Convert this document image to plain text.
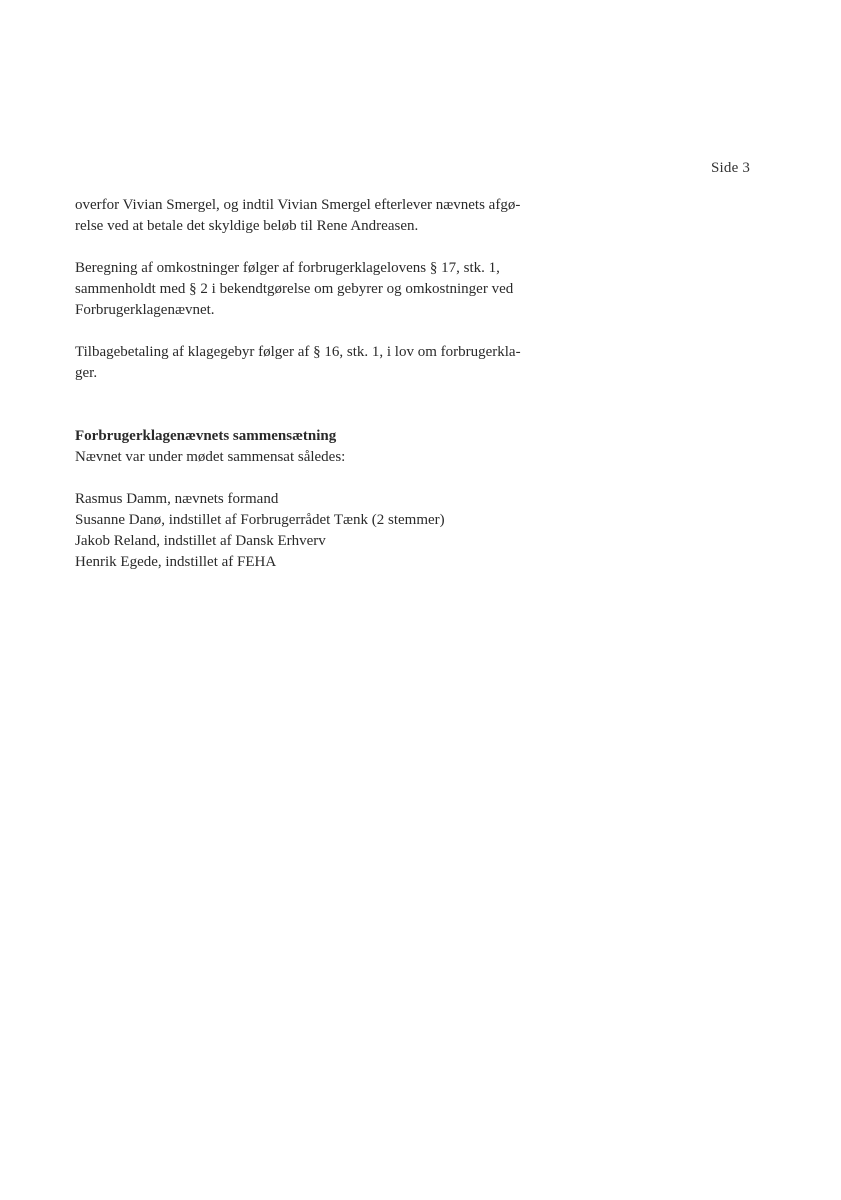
Side 3
overfor Vivian Smergel, og indtil Vivian Smergel efterlever nævnets afgø-
relse ved at betale det skyldige beløb til Rene Andreasen.
Beregning af omkostninger følger af forbrugerklagelovens § 17, stk. 1,
sammenholdt med § 2 i bekendtgørelse om gebyrer og omkostninger ved
Forbrugerklagenævnet.
Tilbagebetaling af klagegebyr følger af § 16, stk. 1, i lov om forbrugerkla-
ger.
Forbrugerklagenævnets sammensætning
Nævnet var under mødet sammensat således:
Rasmus Damm, nævnets formand
Susanne Danø, indstillet af Forbrugerrådet Tænk (2 stemmer)
Jakob Reland, indstillet af Dansk Erhverv
Henrik Egede, indstillet af FEHA
